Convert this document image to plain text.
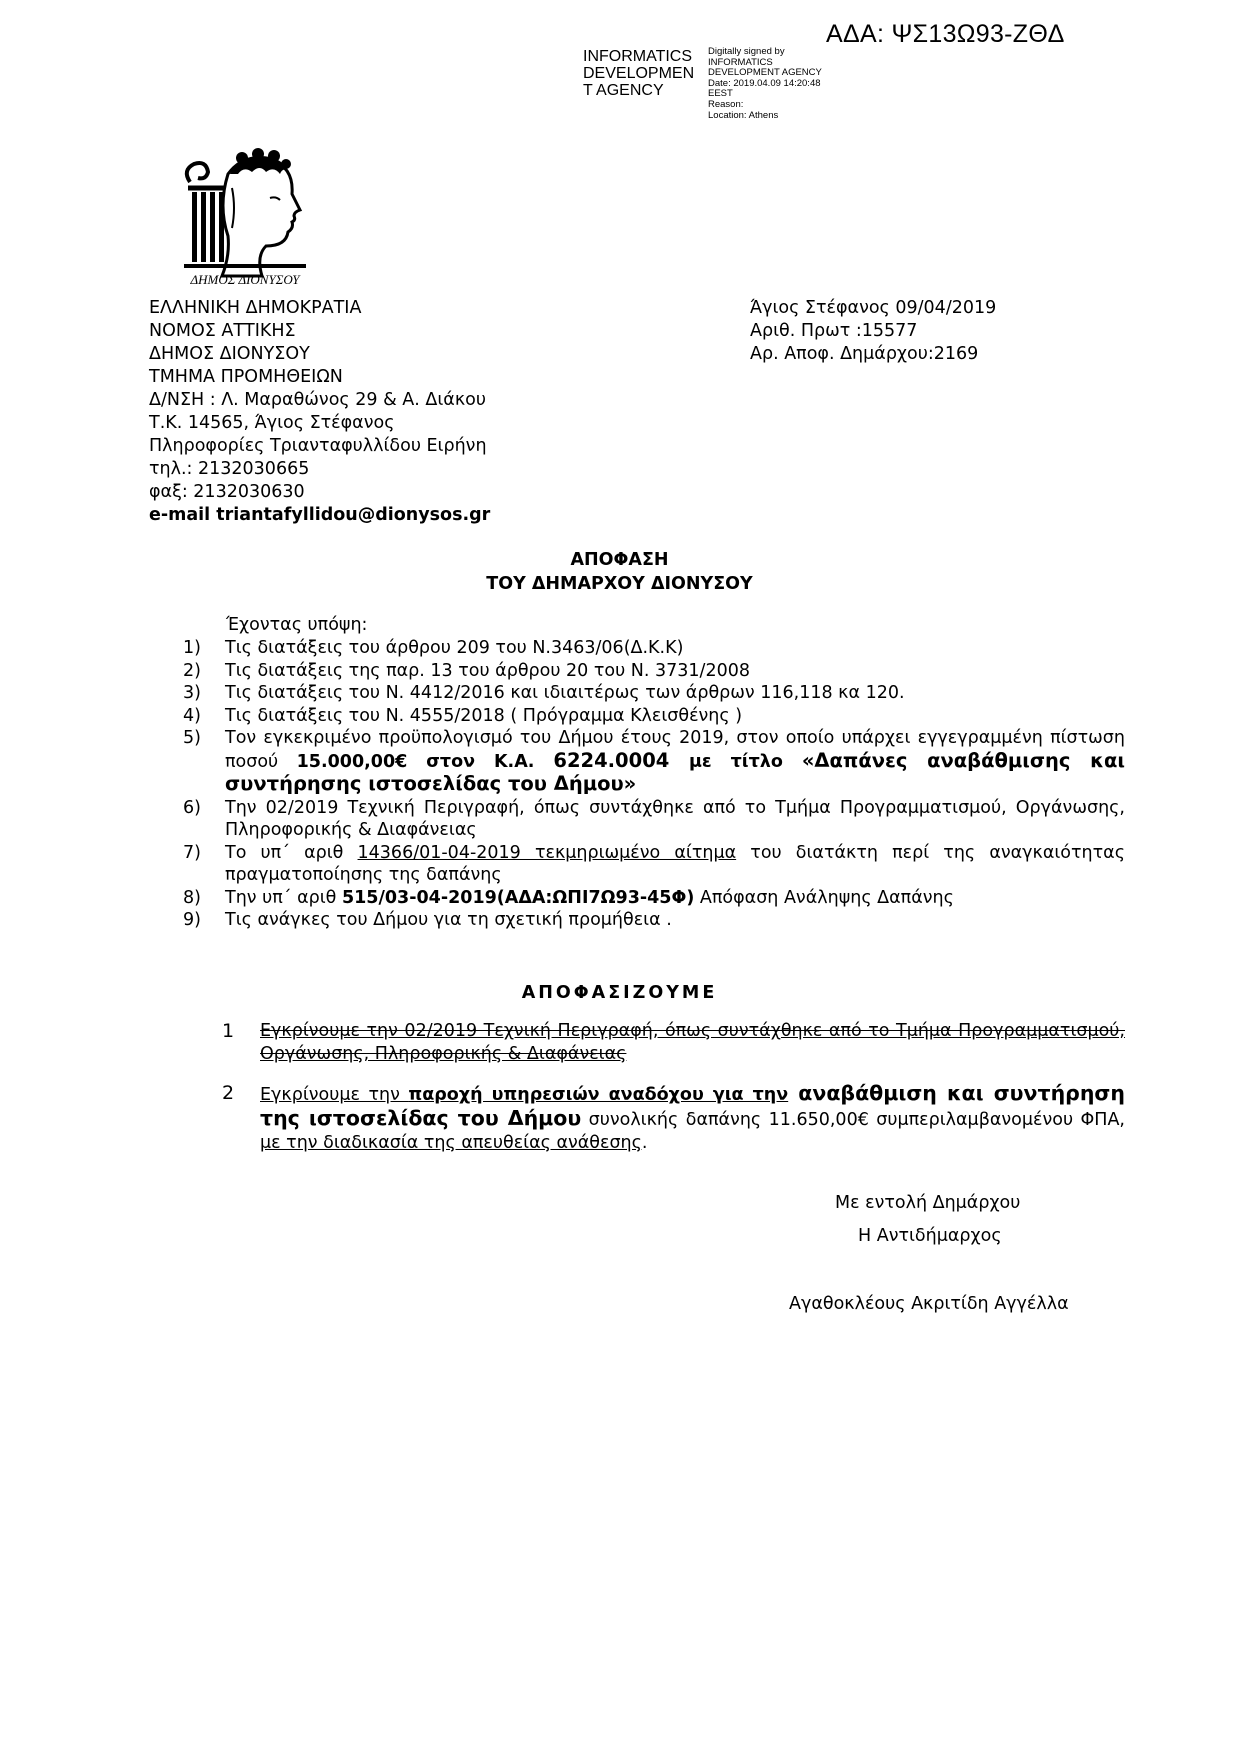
ΑΔΑ: ΨΣ13Ω93-ΖΘΔ
INFORMATICS
DEVELOPMEN
T AGENCY
Digitally signed by
INFORMATICS
DEVELOPMENT AGENCY
Date: 2019.04.09 14:20:48
EEST
Reason:
Location: Athens
ΔΗΜΟΣ ΔΙΟΝΥΣΟΥ
ΕΛΛΗΝΙΚΗ ΔΗΜΟΚΡΑΤΙΑ
ΝΟΜΟΣ ΑΤΤΙΚΗΣ
ΔΗΜΟΣ ΔΙΟΝΥΣΟΥ
ΤΜΗΜΑ ΠΡΟΜΗΘΕΙΩΝ
Δ/ΝΣΗ : Λ. Μαραθώνος 29 & Α. Διάκου
Τ.Κ. 14565, Άγιος Στέφανος
Πληροφορίες Τριανταφυλλίδου Ειρήνη
τηλ.: 2132030665
φαξ: 2132030630
e-mail triantafyllidou@dionysos.gr
Άγιος Στέφανος 09/04/2019
Αριθ. Πρωτ :15577
Αρ. Αποφ. Δημάρχου:2169
ΑΠΟΦΑΣΗ
ΤΟΥ ΔΗΜΑΡΧΟΥ ΔΙΟΝΥΣΟΥ
Έχοντας υπόψη:
1)	Τις διατάξεις του άρθρου 209 του Ν.3463/06(Δ.Κ.Κ)
2)	Τις διατάξεις της παρ. 13 του άρθρου 20 του Ν. 3731/2008
3)	Τις διατάξεις του Ν. 4412/2016 και ιδιαιτέρως των άρθρων 116,118 κα 120.
4)	Τις διατάξεις του Ν. 4555/2018 ( Πρόγραμμα Κλεισθένης )
5)	Τον εγκεκριμένο προϋπολογισμό του Δήμου έτους 2019, στον οποίο υπάρχει εγγεγραμμένη πίστωση ποσού 15.000,00€ στον Κ.Α. 6224.0004 με τίτλο «Δαπάνες αναβάθμισης και συντήρησης ιστοσελίδας του Δήμου»
6)	Την 02/2019 Τεχνική Περιγραφή, όπως συντάχθηκε από το Τμήμα Προγραμματισμού, Οργάνωσης, Πληροφορικής & Διαφάνειας
7)	Το υπ΄ αριθ 14366/01-04-2019 τεκμηριωμένο αίτημα του διατάκτη περί της αναγκαιότητας πραγματοποίησης της δαπάνης
8)	Την υπ΄ αριθ 515/03-04-2019(ΑΔΑ:ΩΠΙ7Ω93-45Φ) Απόφαση Ανάληψης Δαπάνης
9)	Τις ανάγκες του Δήμου για τη σχετική προμήθεια .
ΑΠΟΦΑΣΙΖΟΥΜΕ
1	Εγκρίνουμε την 02/2019 Τεχνική Περιγραφή, όπως συντάχθηκε από το Τμήμα Προγραμματισμού, Οργάνωσης, Πληροφορικής & Διαφάνειας
2	Εγκρίνουμε την παροχή υπηρεσιών αναδόχου για την αναβάθμιση και συντήρηση της ιστοσελίδας του Δήμου συνολικής δαπάνης 11.650,00€ συμπεριλαμβανομένου ΦΠΑ, με την διαδικασία της απευθείας ανάθεσης.
Με εντολή Δημάρχου
Η Αντιδήμαρχος
Αγαθοκλέους Ακριτίδη Αγγέλλα
